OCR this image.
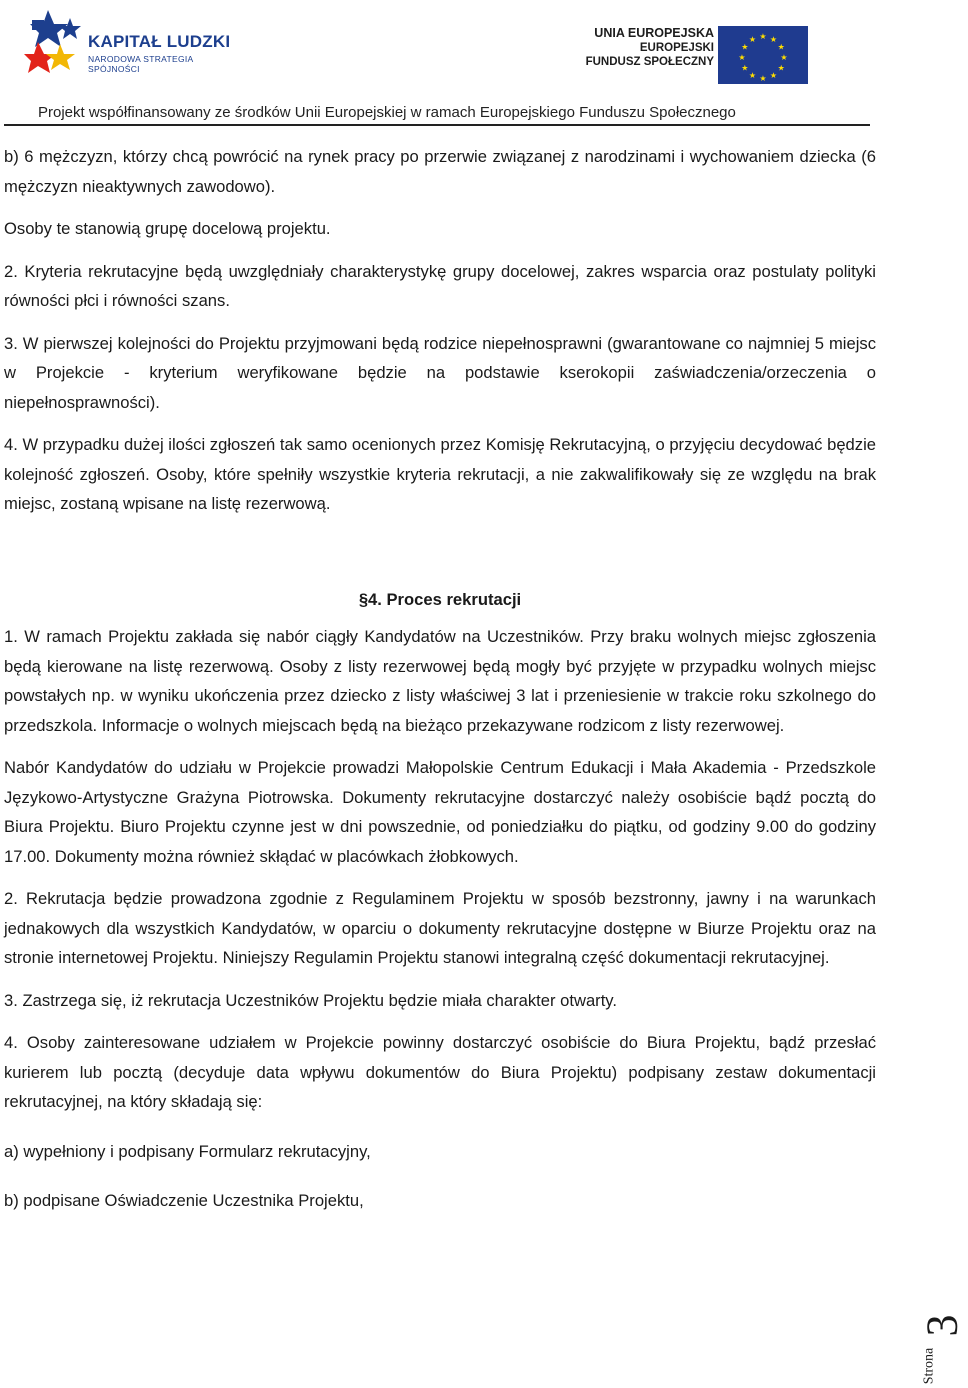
KAPITAŁ LUDZKI
NARODOWA STRATEGIA SPÓJNOŚCI
UNIA EUROPEJSKA
EUROPEJSKI
FUNDUSZ SPOŁECZNY
★ ★
★
★
★
★
★
★
★
★
★
★
Projekt współfinansowany ze środków Unii Europejskiej w ramach Europejskiego Funduszu Społecznego

b) 6 mężczyzn, którzy chcą powrócić na rynek pracy po przerwie związanej z narodzinami i wychowaniem dziecka (6 mężczyzn nieaktywnych zawodowo).

Osoby te stanowią grupę docelową projektu.

2. Kryteria rekrutacyjne będą uwzględniały charakterystykę grupy docelowej, zakres wsparcia oraz postulaty polityki równości płci i równości szans.

3. W pierwszej kolejności do Projektu przyjmowani będą rodzice niepełnosprawni (gwarantowane co najmniej 5 miejsc w Projekcie - kryterium weryfikowane będzie na podstawie kserokopii zaświadczenia/orzeczenia o niepełnosprawności).

4. W przypadku dużej ilości zgłoszeń tak samo ocenionych przez Komisję Rekrutacyjną, o przyjęciu decydować będzie kolejność zgłoszeń. Osoby, które spełniły wszystkie kryteria rekrutacji, a nie zakwalifikowały się ze względu na brak miejsc, zostaną wpisane na listę rezerwową.

§4. Proces rekrutacji

1. W ramach Projektu zakłada się nabór ciągły Kandydatów na Uczestników. Przy braku wolnych miejsc zgłoszenia będą kierowane na listę rezerwową. Osoby z listy rezerwowej będą mogły być przyjęte w przypadku wolnych miejsc powstałych np. w wyniku ukończenia przez dziecko z listy właściwej 3 lat i przeniesienie w trakcie roku szkolnego do przedszkola. Informacje o wolnych miejscach będą na bieżąco przekazywane rodzicom z listy rezerwowej.

Nabór Kandydatów do udziału w Projekcie prowadzi Małopolskie Centrum Edukacji i Mała Akademia - Przedszkole Językowo-Artystyczne Grażyna Piotrowska. Dokumenty rekrutacyjne dostarczyć należy osobiście bądź pocztą do Biura Projektu. Biuro Projektu czynne jest w dni powszednie, od poniedziałku do piątku, od godziny 9.00 do godziny 17.00. Dokumenty można również skłądać w placówkach żłobkowych.

2. Rekrutacja będzie prowadzona zgodnie z Regulaminem Projektu w sposób bezstronny, jawny i na warunkach jednakowych dla wszystkich Kandydatów, w oparciu o dokumenty rekrutacyjne dostępne w Biurze Projektu oraz na stronie internetowej Projektu. Niniejszy Regulamin Projektu stanowi integralną część dokumentacji rekrutacyjnej.

3. Zastrzega się, iż rekrutacja Uczestników Projektu będzie miała charakter otwarty.

4. Osoby zainteresowane udziałem w Projekcie powinny dostarczyć osobiście do Biura Projektu, bądź przesłać kurierem lub pocztą (decyduje data wpływu dokumentów do Biura Projektu) podpisany zestaw dokumentacji rekrutacyjnej, na który składają się:

a) wypełniony i podpisany Formularz rekrutacyjny,

b) podpisane Oświadczenie Uczestnika Projektu,

3
Strona
